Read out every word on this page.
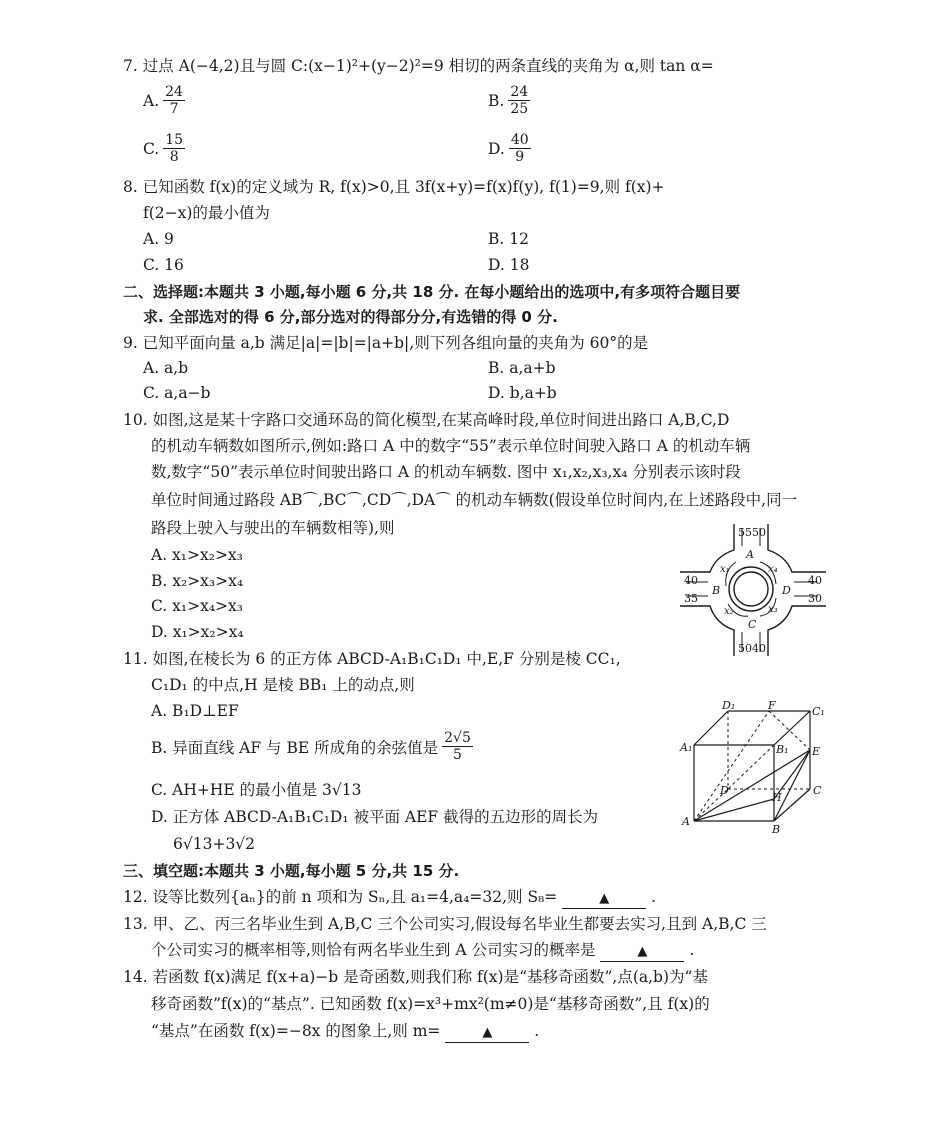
7. 过点 A(−4,2)且与圆 C:(x−1)²+(y−2)²=9 相切的两条直线的夹角为 α,则 tan α=
A. $\frac{24}{7}$	B. $\frac{24}{25}$
C. $\frac{15}{8}$	D. $\frac{40}{9}$
8. 已知函数 f(x)的定义域为 R, f(x)>0,且 3f(x+y)=f(x)f(y), f(1)=9,则 f(x)+
f(2−x)的最小值为
A. 9	B. 12
C. 16	D. 18
二、选择题:本题共 3 小题,每小题 6 分,共 18 分. 在每小题给出的选项中,有多项符合题目要
求. 全部选对的得 6 分,部分选对的得部分分,有选错的得 0 分.
9. 已知平面向量 a,b 满足|a|=|b|=|a+b|,则下列各组向量的夹角为 60°的是
A. a,b	B. a,a+b
C. a,a−b	D. b,a+b
10. 如图,这是某十字路口交通环岛的简化模型,在某高峰时段,单位时间进出路口 A,B,C,D
的机动车辆数如图所示,例如:路口 A 中的数字“55”表示单位时间驶入路口 A 的机动车辆
数,数字“50”表示单位时间驶出路口 A 的机动车辆数. 图中 x₁,x₂,x₃,x₄ 分别表示该时段
单位时间通过路段 AB⌒,BC⌒,CD⌒,DA⌒ 的机动车辆数(假设单位时间内,在上述路段中,同一
路段上驶入与驶出的车辆数相等),则
A. x₁>x₂>x₃
B. x₂>x₃>x₄
C. x₁>x₄>x₃
D. x₁>x₂>x₄
55 50
A
40
35
B
40
30
D
C
50 40
x₁
x₂	x₃
x₄
11. 如图,在棱长为 6 的正方体 ABCD-A₁B₁C₁D₁ 中,E,F 分别是棱 CC₁,
C₁D₁ 的中点,H 是棱 BB₁ 上的动点,则
A. B₁D⊥EF
B. 异面直线 AF 与 BE 所成角的余弦值是 $\frac{2√5}{5}$
C. AH+HE 的最小值是 3√13
D. 正方体 ABCD-A₁B₁C₁D₁ 被平面 AEF 截得的五边形的周长为
6√13+3√2
D₁	F	C₁
A₁	B₁ E
D	C
H
A
B
三、填空题:本题共 3 小题,每小题 5 分,共 15 分.
12. 设等比数列{aₙ}的前 n 项和为 Sₙ,且 a₁=4,a₄=32,则 S₈=	▲	.
13. 甲、乙、丙三名毕业生到 A,B,C 三个公司实习,假设每名毕业生都要去实习,且到 A,B,C 三
个公司实习的概率相等,则恰有两名毕业生到 A 公司实习的概率是	▲	.
14. 若函数 f(x)满足 f(x+a)−b 是奇函数,则我们称 f(x)是“基移奇函数”,点(a,b)为“基
移奇函数”f(x)的“基点”. 已知函数 f(x)=x³+mx²(m≠0)是“基移奇函数”,且 f(x)的
“基点”在函数 f(x)=−8x 的图象上,则 m=	▲	.
